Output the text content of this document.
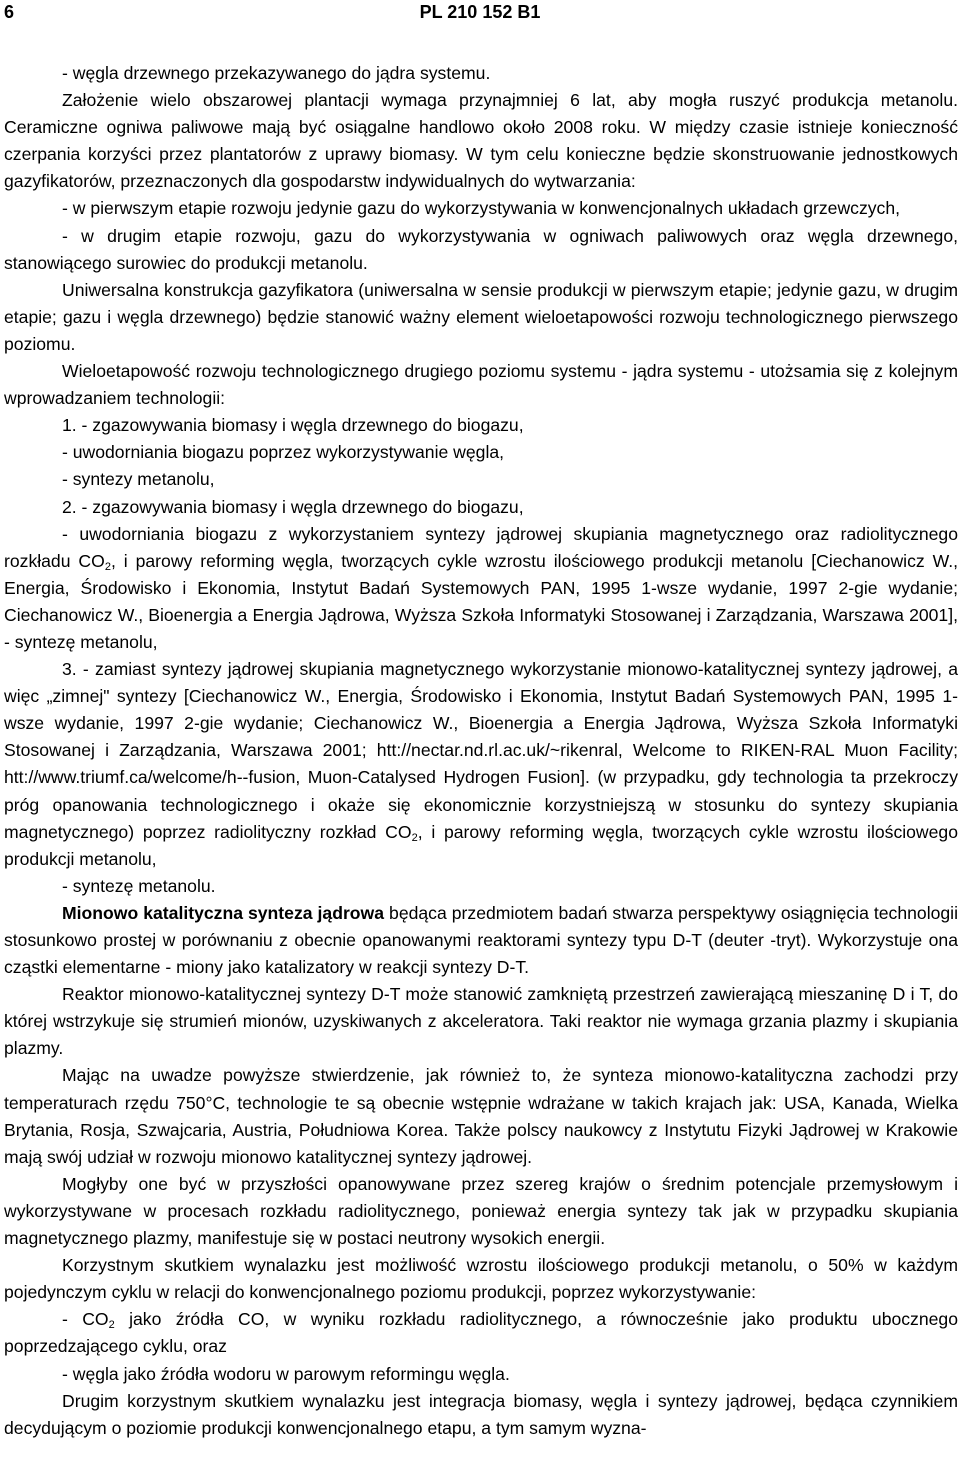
6	PL 210 152 B1

- węgla drzewnego przekazywanego do jądra systemu.

Założenie wielo obszarowej plantacji wymaga przynajmniej 6 lat, aby mogła ruszyć produkcja metanolu. Ceramiczne ogniwa paliwowe mają być osiągalne handlowo około 2008 roku. W między czasie istnieje konieczność czerpania korzyści przez plantatorów z uprawy biomasy. W tym celu konieczne będzie skonstruowanie jednostkowych gazyfikatorów, przeznaczonych dla gospodarstw indywidualnych do wytwarzania:

- w pierwszym etapie rozwoju jedynie gazu do wykorzystywania w konwencjonalnych układach grzewczych,

- w drugim etapie rozwoju, gazu do wykorzystywania w ogniwach paliwowych oraz węgla drzewnego, stanowiącego surowiec do produkcji metanolu.

Uniwersalna konstrukcja gazyfikatora (uniwersalna w sensie produkcji w pierwszym etapie; jedynie gazu, w drugim etapie; gazu i węgla drzewnego) będzie stanowić ważny element wieloetapowości rozwoju technologicznego pierwszego poziomu.

Wieloetapowość rozwoju technologicznego drugiego poziomu systemu - jądra systemu - utożsamia się z kolejnym wprowadzaniem technologii:

1. - zgazowywania biomasy i węgla drzewnego do biogazu,

- uwodorniania biogazu poprzez wykorzystywanie węgla,

- syntezy metanolu,

2. - zgazowywania biomasy i węgla drzewnego do biogazu,

- uwodorniania biogazu z wykorzystaniem syntezy jądrowej skupiania magnetycznego oraz radiolitycznego rozkładu $CO_2$, i parowy reforming węgla, tworzących cykle wzrostu ilościowego produkcji metanolu [Ciechanowicz W., Energia, Środowisko i Ekonomia, Instytut Badań Systemowych PAN, 1995 1-wsze wydanie, 1997 2-gie wydanie; Ciechanowicz W., Bioenergia a Energia Jądrowa, Wyższa Szkoła Informatyki Stosowanej i Zarządzania, Warszawa 2001], - syntezę metanolu,

3. - zamiast syntezy jądrowej skupiania magnetycznego wykorzystanie mionowo-katalitycznej syntezy jądrowej, a więc „zimnej" syntezy [Ciechanowicz W., Energia, Środowisko i Ekonomia, Instytut Badań Systemowych PAN, 1995 1-wsze wydanie, 1997 2-gie wydanie; Ciechanowicz W., Bioenergia a Energia Jądrowa, Wyższa Szkoła Informatyki Stosowanej i Zarządzania, Warszawa 2001; htt://nectar.nd.rl.ac.uk/~rikenral, Welcome to RIKEN-RAL Muon Facility; htt://www.triumf.ca/welcome/h--fusion, Muon-Catalysed Hydrogen Fusion]. (w przypadku, gdy technologia ta przekroczy próg opanowania technologicznego i okaże się ekonomicznie korzystniejszą w stosunku do syntezy skupiania magnetycznego) poprzez radiolityczny rozkład $CO_2$, i parowy reforming węgla, tworzących cykle wzrostu ilościowego produkcji metanolu,

- syntezę metanolu.

Mionowo katalityczna synteza jądrowa będąca przedmiotem badań stwarza perspektywy osiągnięcia technologii stosunkowo prostej w porównaniu z obecnie opanowanymi reaktorami syntezy typu D-T (deuter -tryt). Wykorzystuje ona cząstki elementarne - miony jako katalizatory w reakcji syntezy D-T.

Reaktor mionowo-katalitycznej syntezy D-T może stanowić zamkniętą przestrzeń zawierającą mieszaninę D i T, do której wstrzykuje się strumień mionów, uzyskiwanych z akceleratora. Taki reaktor nie wymaga grzania plazmy i skupiania plazmy.

Mając na uwadze powyższe stwierdzenie, jak również to, że synteza mionowo-katalityczna zachodzi przy temperaturach rzędu 750°C, technologie te są obecnie wstępnie wdrażane w takich krajach jak: USA, Kanada, Wielka Brytania, Rosja, Szwajcaria, Austria, Południowa Korea. Także polscy naukowcy z Instytutu Fizyki Jądrowej w Krakowie mają swój udział w rozwoju mionowo katalitycznej syntezy jądrowej.

Mogłyby one być w przyszłości opanowywane przez szereg krajów o średnim potencjale przemysłowym i wykorzystywane w procesach rozkładu radiolitycznego, ponieważ energia syntezy tak jak w przypadku skupiania magnetycznego plazmy, manifestuje się w postaci neutrony wysokich energii.

Korzystnym skutkiem wynalazku jest możliwość wzrostu ilościowego produkcji metanolu, o 50% w każdym pojedynczym cyklu w relacji do konwencjonalnego poziomu produkcji, poprzez wykorzystywanie:

- $CO_2$ jako źródła CO, w wyniku rozkładu radiolitycznego, a równocześnie jako produktu ubocznego poprzedzającego cyklu, oraz

- węgla jako źródła wodoru w parowym reformingu węgla.

Drugim korzystnym skutkiem wynalazku jest integracja biomasy, węgla i syntezy jądrowej, będąca czynnikiem decydującym o poziomie produkcji konwencjonalnego etapu, a tym samym wyzna-
